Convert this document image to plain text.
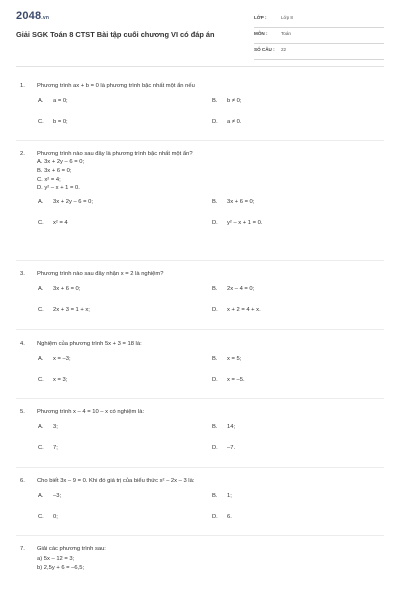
2048.vn
Giải SGK Toán 8 CTST Bài tập cuối chương VI có đáp án
LỚP :	Lớp 8
MÔN :	Toán
SỐ CÂU : 22
1. Phương trình ax + b = 0 là phương trình bậc nhất một ẩn nếu
A. a = 0;	B. b ≠ 0;
C. b = 0;	D. a ≠ 0.
2. Phương trình nào sau đây là phương trình bậc nhất một ẩn?
A. 3x + 2y – 6 = 0;
B. 3x + 6 = 0;
C. x² = 4;
D. y² – x + 1 = 0.
A. 3x + 2y – 6 = 0;	B. 3x + 6 = 0;
C. x² = 4	D. y² – x + 1 = 0.
3. Phương trình nào sau đây nhận x = 2 là nghiệm?
A. 3x + 6 = 0;	B. 2x – 4 = 0;
C. 2x + 3 = 1 + x;	D. x + 2 = 4 + x.
4. Nghiệm của phương trình 5x + 3 = 18 là:
A. x = –3;	B. x = 5;
C. x = 3;	D. x = –5.
5. Phương trình x – 4 = 10 – x có nghiệm là:
A. 3;	B. 14;
C. 7;	D. –7.
6. Cho biết 3x – 9 = 0. Khi đó giá trị của biểu thức x² – 2x – 3 là:
A. –3;	B. 1;
C. 0;	D. 6.
7. Giải các phương trình sau:
a) 5x – 12 = 3;
b) 2,5y + 6 = –6,5;
